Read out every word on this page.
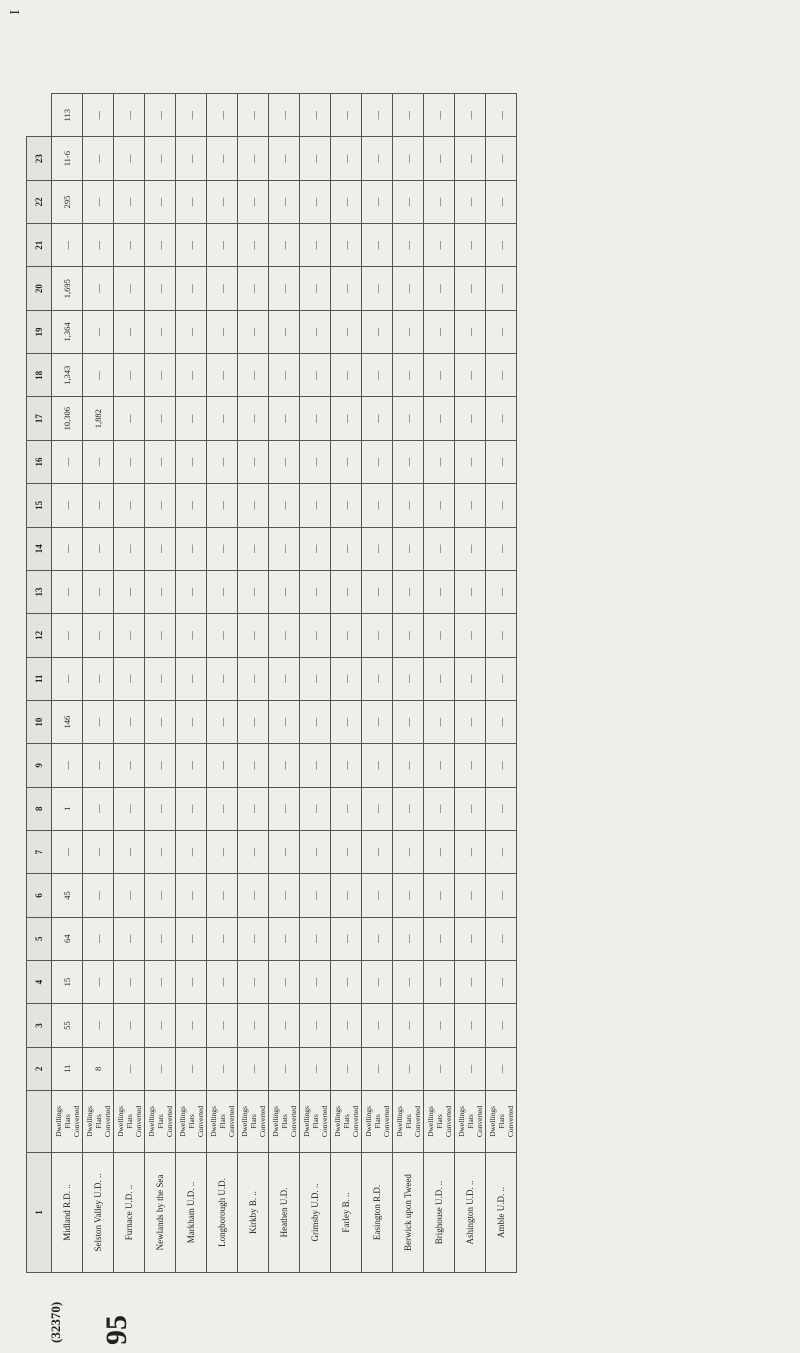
I
95
(32370)
1		2	3	4	5	6	7	8	9	10	11	12	13	14	15	16	17	18	19	20	21	22	23	
Midland R.D. ..	Dwellings Flats Converted	11	55	15	64	45	—	1	—	146	—	—	—	—	—	—	10,306	1,343	1,364	1,695	—	295	11-6	113
Selston Valley U.D. ..	Dwellings Flats Converted	8	—	—	—	—	—	—	—	—	—	—	—	—	—	—	1,882	—	—	—	—	—	—	—
Furnace U.D. ..	Dwellings Flats Converted	—	—	—	—	—	—	—	—	—	—	—	—	—	—	—	—	—	—	—	—	—	—	—
Newlands by the Sea	Dwellings Flats Converted	—	—	—	—	—	—	—	—	—	—	—	—	—	—	—	—	—	—	—	—	—	—	—
Markham U.D. ..	Dwellings Flats Converted	—	—	—	—	—	—	—	—	—	—	—	—	—	—	—	—	—	—	—	—	—	—	—
Longborough U.D.	Dwellings Flats Converted	—	—	—	—	—	—	—	—	—	—	—	—	—	—	—	—	—	—	—	—	—	—	—
Kirkby B. ..	Dwellings Flats Converted	—	—	—	—	—	—	—	—	—	—	—	—	—	—	—	—	—	—	—	—	—	—	—
Heathen U.D.	Dwellings Flats Converted	—	—	—	—	—	—	—	—	—	—	—	—	—	—	—	—	—	—	—	—	—	—	—
Grimsby U.D. ..	Dwellings Flats Converted	—	—	—	—	—	—	—	—	—	—	—	—	—	—	—	—	—	—	—	—	—	—	—
Farley B. ..	Dwellings Flats Converted	—	—	—	—	—	—	—	—	—	—	—	—	—	—	—	—	—	—	—	—	—	—	—
Easington R.D.	Dwellings Flats Converted	—	—	—	—	—	—	—	—	—	—	—	—	—	—	—	—	—	—	—	—	—	—	—
Berwick upon Tweed	Dwellings Flats Converted	—	—	—	—	—	—	—	—	—	—	—	—	—	—	—	—	—	—	—	—	—	—	—
Brighouse U.D. ..	Dwellings Flats Converted	—	—	—	—	—	—	—	—	—	—	—	—	—	—	—	—	—	—	—	—	—	—	—
Ashington U.D. ..	Dwellings Flats Converted	—	—	—	—	—	—	—	—	—	—	—	—	—	—	—	—	—	—	—	—	—	—	—
Amble U.D. ..	Dwellings Flats Converted	—	—	—	—	—	—	—	—	—	—	—	—	—	—	—	—	—	—	—	—	—	—	—
